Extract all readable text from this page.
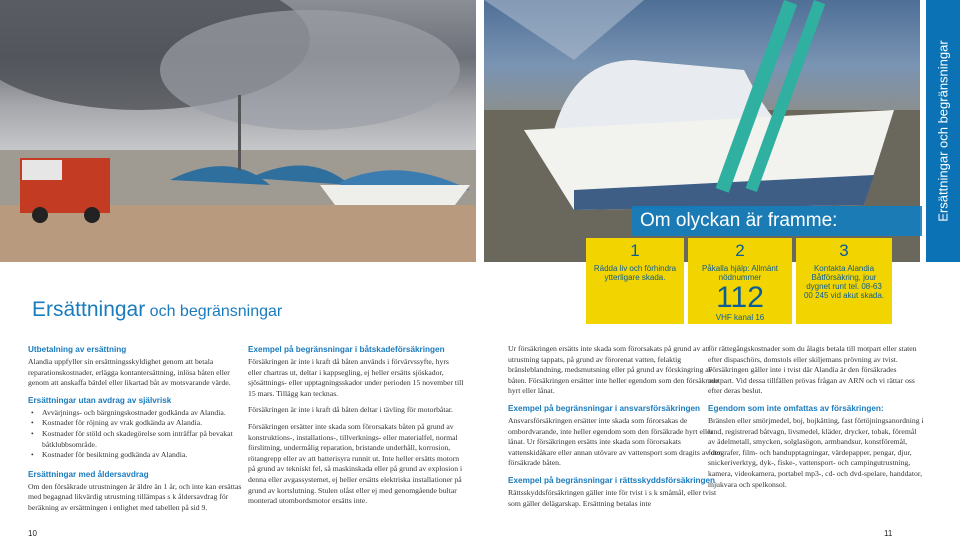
Ersättningar och begränsningar
Ersättningar och begränsningar
Om olyckan är framme:
1
Rädda liv och förhindra ytterligare skada.
2
Påkalla hjälp: Allmänt nödnummer
112
VHF kanal 16
3
Kontakta Alandia Båtförsäkring, jour dygnet runt tel. 08-63 00 245 vid akut skada.
Utbetalning av ersättning

Alandia uppfyller sin ersättningsskyldighet genom att betala reparationskostnader, erlägga kontantersättning, inlösa båten eller genom att anskaffa bätdel eller likartad båt av motsvarande värde.

Ersättningar utan avdrag av självrisk
• Avvärjnings- och bärgningskostnader godkända av Alandia.
• Kostnader för röjning av vrak godkända av Alandia.
• Kostnader för stöld och skadegörelse som inträffar på bevakat båtklubbsområde.
• Kostnader för besiktning godkända av Alandia.
Ersättningar med åldersavdrag

Om den försäkrade utrustningen är äldre än 1 år, och inte kan ersättas med begagnad likvärdig utrustning tillämpas s k åldersavdrag för beräkning av ersättningen i enlighet med tabellen på sid 9.

Exempel på begränsningar i båtskadeförsäkringen

Försäkringen är inte i kraft då båten används i förvärvssyfte, hyrs eller chartras ut, deltar i kappsegling, ej heller ersätts sjöskador, sjösättnings- eller upptagningsskador under perioden 15 november till 15 mars. Tillägg kan tecknas.

Försäkringen är inte i kraft då båten deltar i tävling för motorbåtar.

Försäkringen ersätter inte skada som förorsakats båten på grund av konstruktions-, installations-, tillverknings- eller materialfel, normal förslitning, undermålig reparation, bristande underhåll, korrosion, rötangrepp eller av att batterisyra runnit ut. Inte heller ersätts motorn på grund av tekniskt fel, så maskinskada eller på grund av explosion i denna eller avgassystemet, ej heller ersätts elektriska installationer på grund av kortslutning. Stulen olåst eller ej med genomgående bultar monterad utombordsmotor ersätts inte.

Ur försäkringen ersätts inte skada som förorsakats på grund av att utrustning tappats, på grund av förorenat vatten, felaktig bränsleblandning, medsmutsning eller på grund av förskingring av båten. Försäkringen ersätter inte heller egendom som den försäkrade hyrt eller lånat.

Exempel på begränsningar i ansvarsförsäkringen

Ansvarsförsäkringen ersätter inte skada som förorsakas de ombordvarande, inte heller egendom som den försäkrade hyrt eller lånat. Ur försäkringen ersätts inte skada som förorsakats vattenskidåkare eller annan utövare av vattensport som dragits av den försäkrade båten.

Exempel på begränsningar i rättsskyddsförsäkringen

Rättsskyddsförsäkringen gäller inte för tvist i s k småmål, eller tvist som gäller delägarskap. Ersättning betalas inte

för rättegångskostnader som du ålagts betala till motpart eller staten efter dispaschörs, domstols eller skiljemans prövning av tvist. Försäkringen gäller inte i tvist där Alandia är den försäkrades motpart. Vid dessa tillfällen prövas frågan av ARN och vi rättar oss efter deras beslut.

Egendom som inte omfattas av försäkringen:

Bränslen eller smörjmedel, boj, bojkätting, fast förtöjningsanordning i land, registrerad båtvagn, livsmedel, kläder, drycker, tobak, föremål av ädelmetall, smycken, solglasögon, armbandsur, konstföremål, fotografer, film- och bandupptagningar, värdepapper, pengar, djur, snickeriverktyg, dyk-, fiske-, vattensport- och campingutrustning, kamera, videokamera, portabel mp3-, cd- och dvd-spelare, handdator, mjukvara och spelkonsol.

10	11
